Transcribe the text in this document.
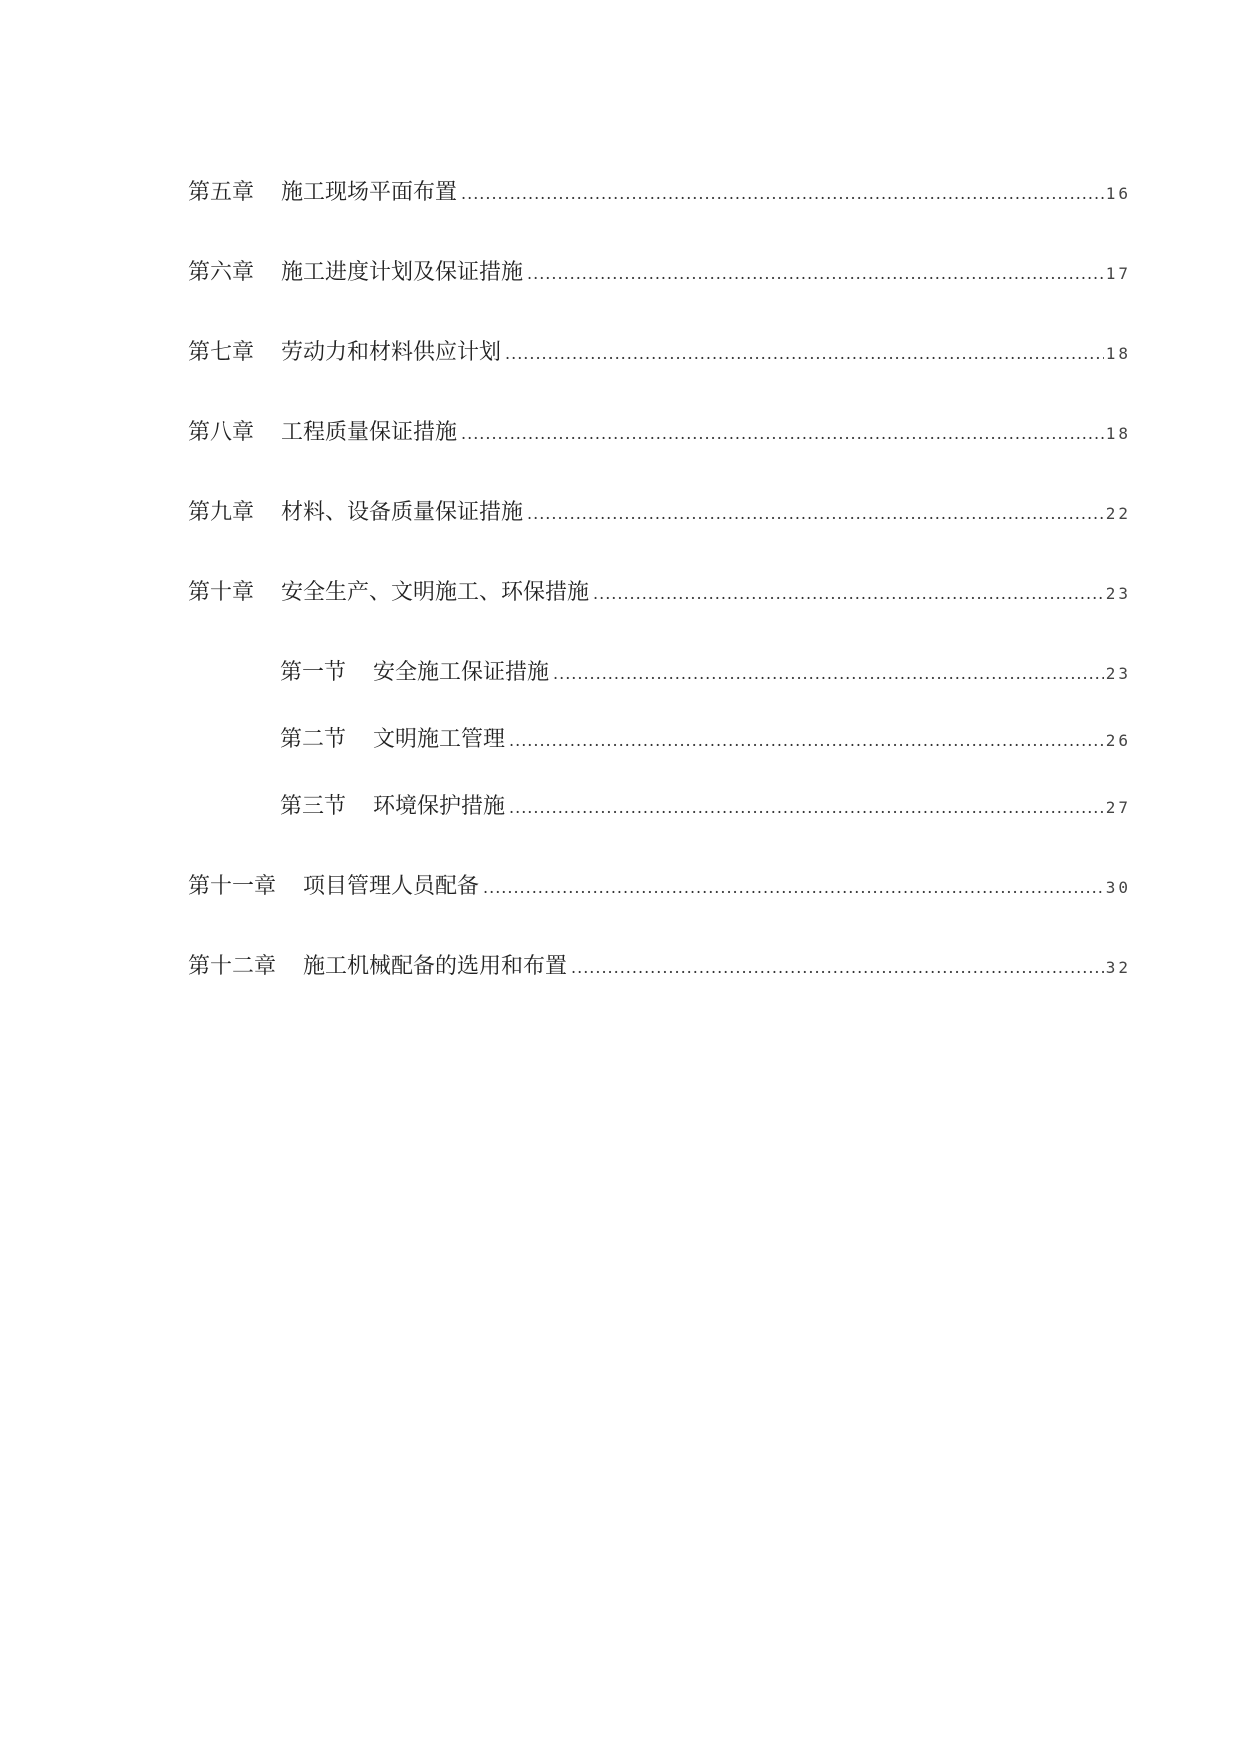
第五章 施工现场平面布置 .....	16
第六章 施工进度计划及保证措施 .....	17
第七章 劳动力和材料供应计划 .....	18
第八章 工程质量保证措施 .....	18
第九章 材料、设备质量保证措施 .....	22
第十章 安全生产、文明施工、环保措施 .....	23
第一节 安全施工保证措施 .....	23
第二节 文明施工管理 .....	26
第三节 环境保护措施 .....	27
第十一章 项目管理人员配备 .....	30
第十二章 施工机械配备的选用和布置 .....	32
